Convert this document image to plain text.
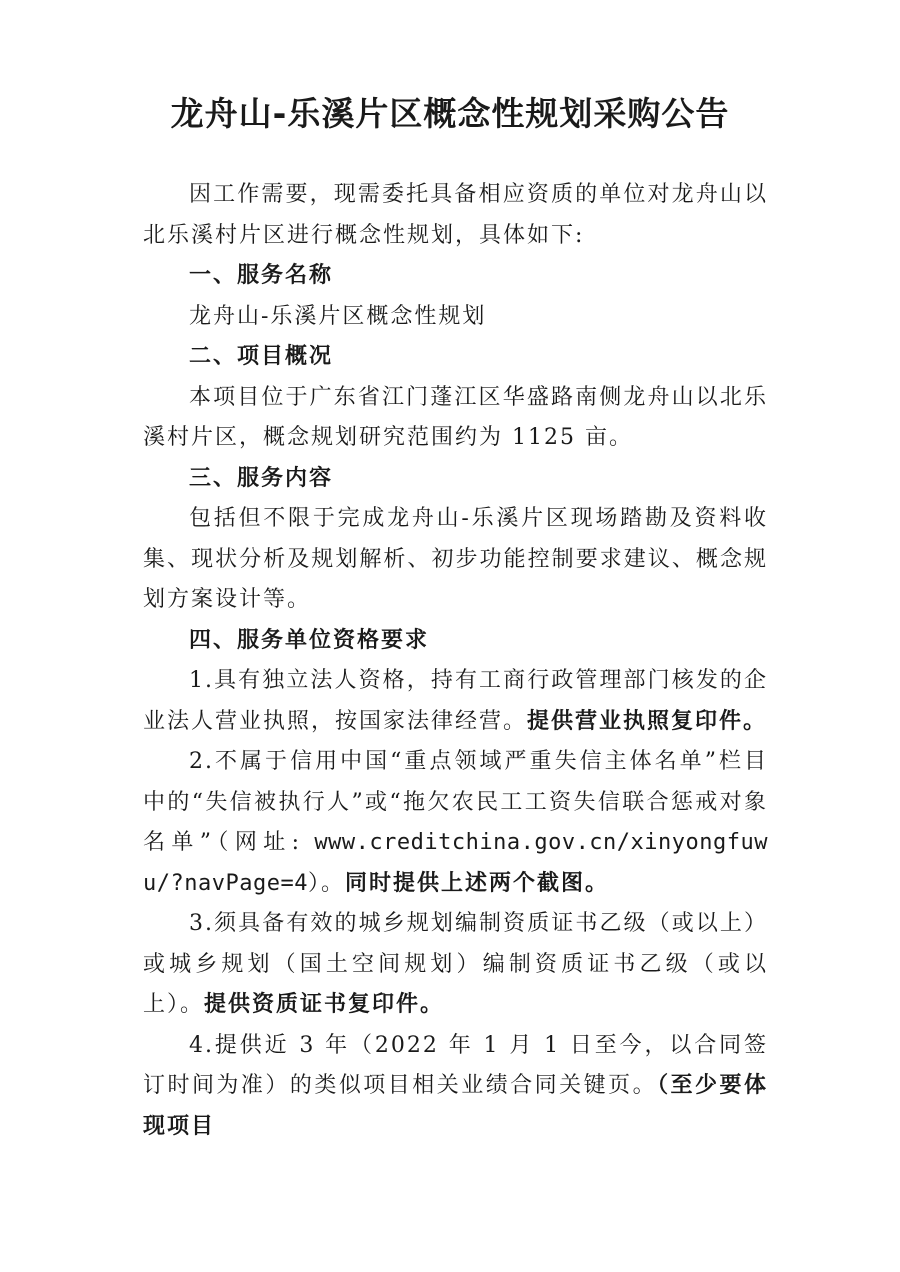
龙舟山-乐溪片区概念性规划采购公告

因工作需要，现需委托具备相应资质的单位对龙舟山以北乐溪村片区进行概念性规划，具体如下:

一、服务名称

龙舟山-乐溪片区概念性规划

二、项目概况

本项目位于广东省江门蓬江区华盛路南侧龙舟山以北乐溪村片区，概念规划研究范围约为 1125 亩。

三、服务内容

包括但不限于完成龙舟山-乐溪片区现场踏勘及资料收集、现状分析及规划解析、初步功能控制要求建议、概念规划方案设计等。

四、服务单位资格要求

1.具有独立法人资格，持有工商行政管理部门核发的企业法人营业执照，按国家法律经营。提供营业执照复印件。

2.不属于信用中国“重点领域严重失信主体名单”栏目中的“失信被执行人”或“拖欠农民工工资失信联合惩戒对象名单”（网址: www.creditchina.gov.cn/xinyongfuwu/?navPage=4）。同时提供上述两个截图。

3.须具备有效的城乡规划编制资质证书乙级（或以上）或城乡规划（国土空间规划）编制资质证书乙级（或以上）。提供资质证书复印件。

4.提供近 3 年（2022 年 1 月 1 日至今，以合同签订时间为准）的类似项目相关业绩合同关键页。（至少要体现项目
